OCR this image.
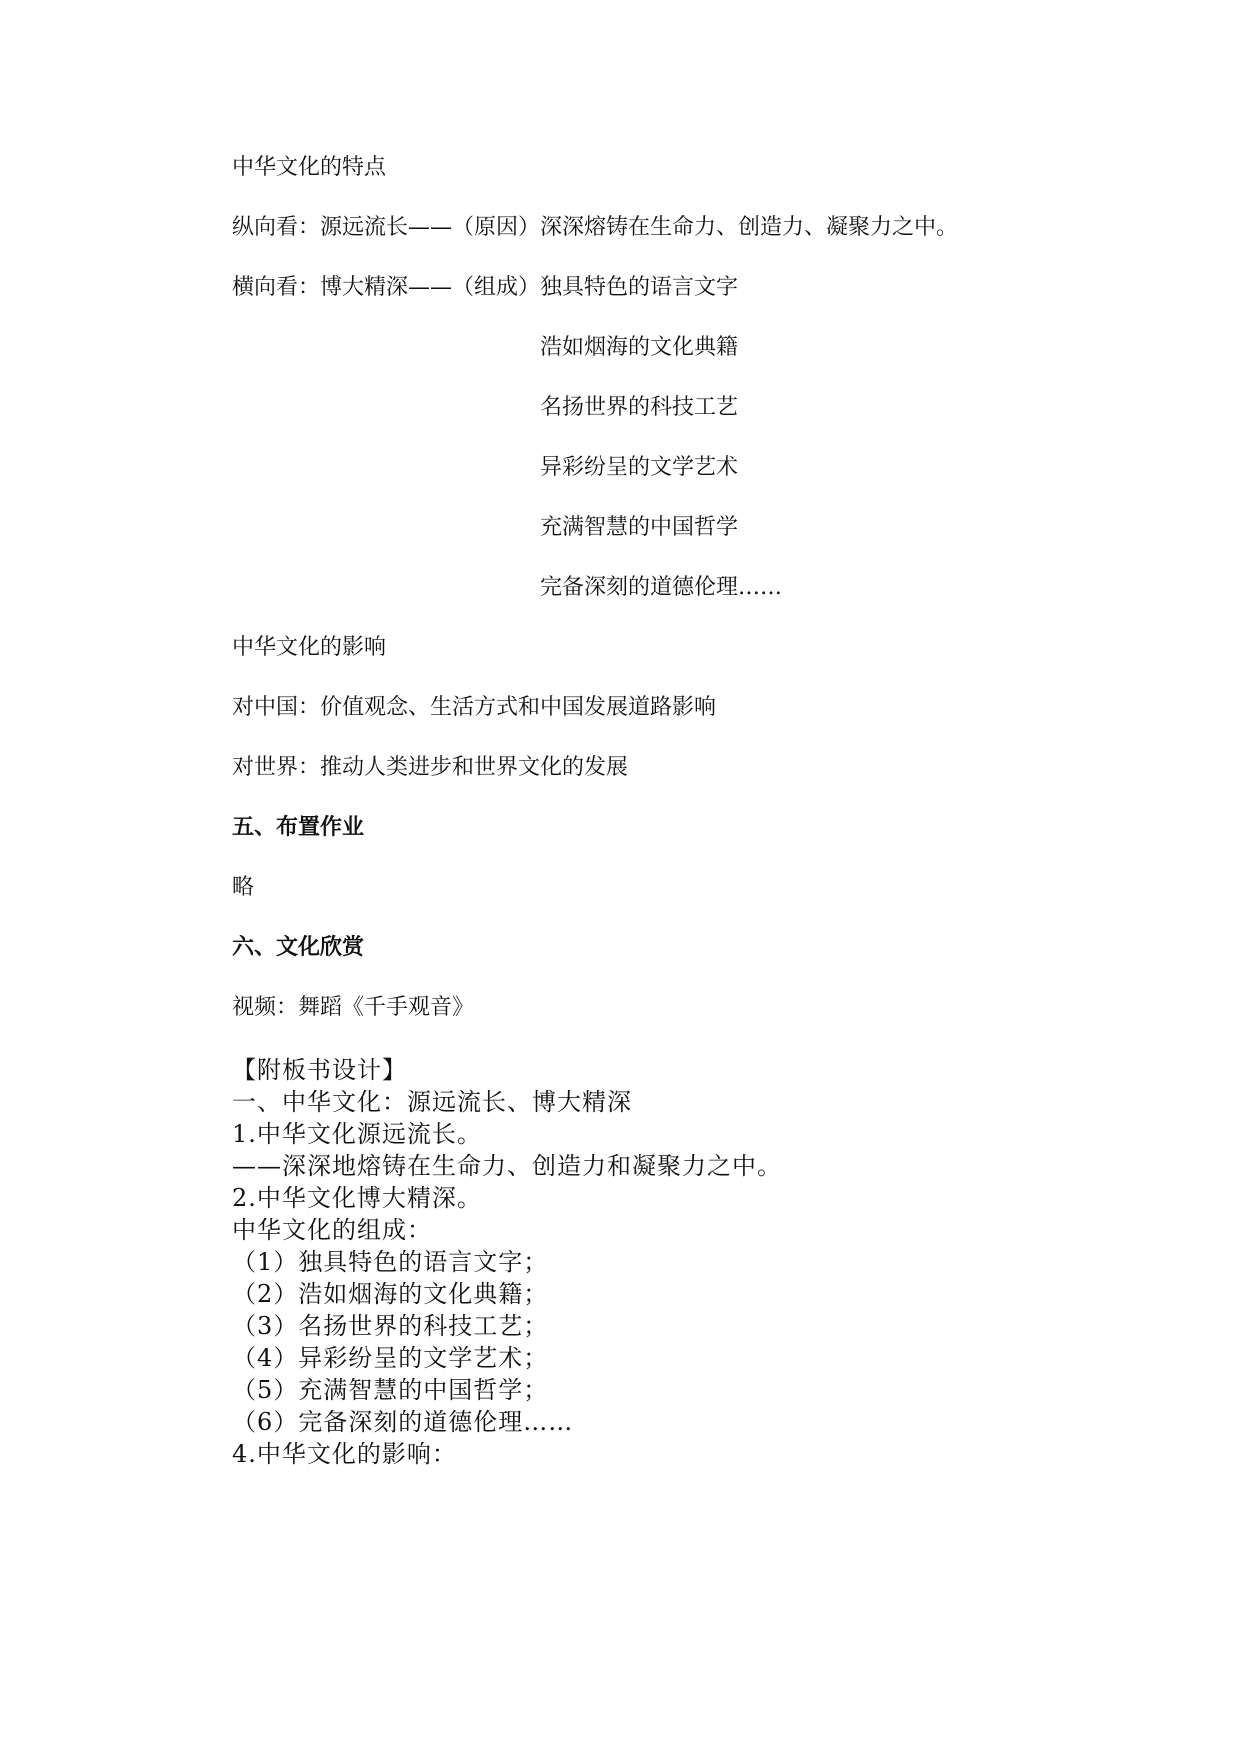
中华文化的特点
纵向看：源远流长——（原因）深深熔铸在生命力、创造力、凝聚力之中。
横向看：博大精深——（组成）独具特色的语言文字
浩如烟海的文化典籍
名扬世界的科技工艺
异彩纷呈的文学艺术
充满智慧的中国哲学
完备深刻的道德伦理……
中华文化的影响
对中国：价值观念、生活方式和中国发展道路影响
对世界：推动人类进步和世界文化的发展
五、布置作业
略
六、文化欣赏
视频：舞蹈《千手观音》
【附板书设计】
一、中华文化：源远流长、博大精深
1.中华文化源远流长。
——深深地熔铸在生命力、创造力和凝聚力之中。
2.中华文化博大精深。
中华文化的组成：
（1）独具特色的语言文字；
（2）浩如烟海的文化典籍；
（3）名扬世界的科技工艺；
（4）异彩纷呈的文学艺术；
（5）充满智慧的中国哲学；
（6）完备深刻的道德伦理……
4.中华文化的影响：
